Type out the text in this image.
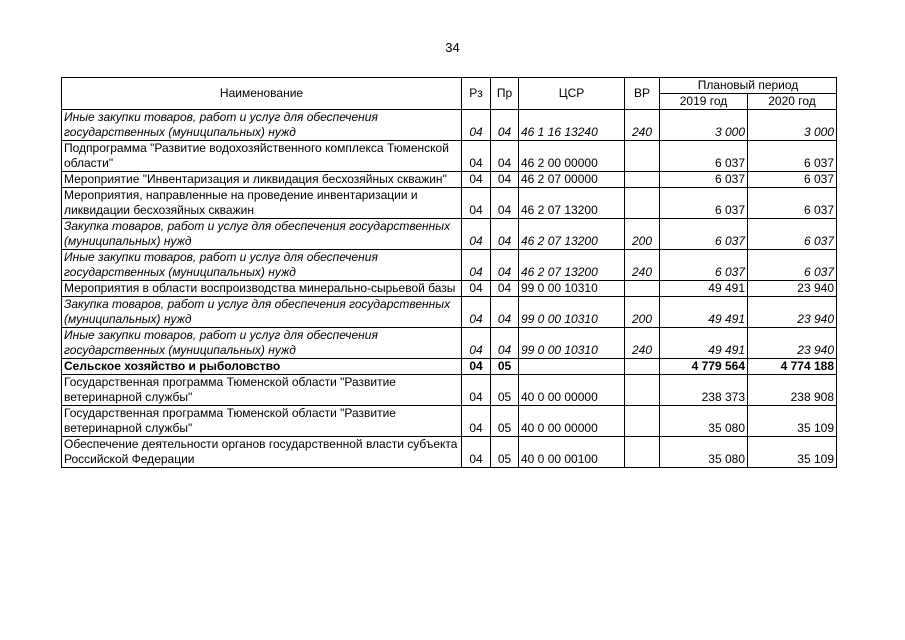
34
Наименование	Рз	Пр	ЦСР	ВР	Плановый период	
					2019 год	2020 год
Иные закупки товаров, работ и услуг для обеспечения государственных (муниципальных) нужд	04	04	46 1 16 13240	240	3 000	3 000
Подпрограмма "Развитие водохозяйственного комплекса Тюменской области"	04	04	46 2 00 00000		6 037	6 037
Мероприятие "Инвентаризация и ликвидация бесхозяйных скважин"	04	04	46 2 07 00000		6 037	6 037
Мероприятия, направленные на проведение инвентаризации и ликвидации бесхозяйных скважин	04	04	46 2 07 13200		6 037	6 037
Закупка товаров, работ и услуг для обеспечения государственных (муниципальных) нужд	04	04	46 2 07 13200	200	6 037	6 037
Иные закупки товаров, работ и услуг для обеспечения государственных (муниципальных) нужд	04	04	46 2 07 13200	240	6 037	6 037
Мероприятия в области воспроизводства минерально-сырьевой базы	04	04	99 0 00 10310		49 491	23 940
Закупка товаров, работ и услуг для обеспечения государственных (муниципальных) нужд	04	04	99 0 00 10310	200	49 491	23 940
Иные закупки товаров, работ и услуг для обеспечения государственных (муниципальных) нужд	04	04	99 0 00 10310	240	49 491	23 940
Сельское хозяйство и рыболовство	04	05			4 779 564	4 774 188
Государственная программа Тюменской области "Развитие ветеринарной службы"	04	05	40 0 00 00000		238 373	238 908
Государственная программа Тюменской области "Развитие ветеринарной службы"	04	05	40 0 00 00000		35 080	35 109
Обеспечение деятельности органов государственной власти субъекта Российской Федерации	04	05	40 0 00 00100		35 080	35 109
